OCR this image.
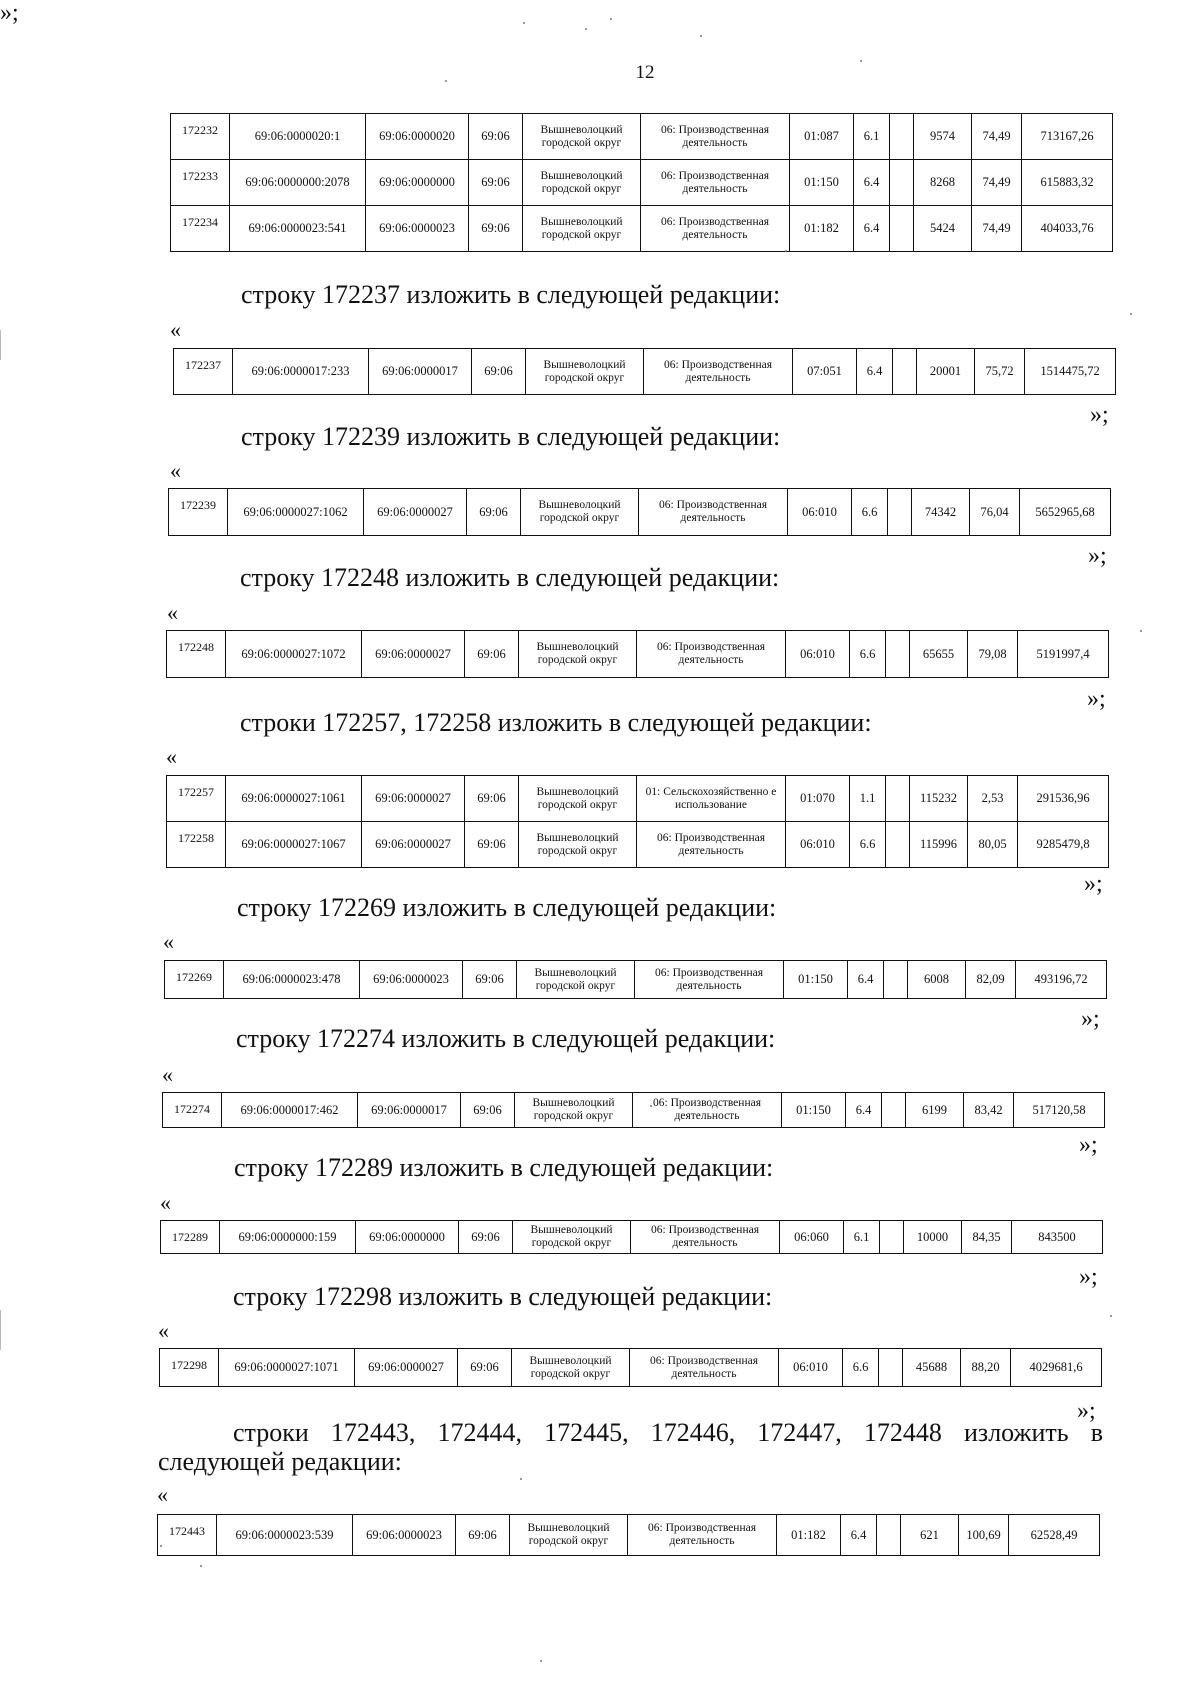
12
172232	69:06:0000020:1	69:06:0000020	69:06	Вышневолоцкий городской округ	06: Производственная деятельность	01:087	6.1		9574	74,49	713167,26
172233	69:06:0000000:2078	69:06:0000000	69:06	Вышневолоцкий городской округ	06: Производственная деятельность	01:150	6.4		8268	74,49	615883,32
172234	69:06:0000023:541	69:06:0000023	69:06	Вышневолоцкий городской округ	06: Производственная деятельность	01:182	6.4		5424	74,49	404033,76
»;
строку 172237 изложить в следующей редакции:
«
172237	69:06:0000017:233	69:06:0000017	69:06	Вышневолоцкий городской округ	06: Производственная деятельность	07:051	6.4		20001	75,72	1514475,72
»;
строку 172239 изложить в следующей редакции:
«
172239	69:06:0000027:1062	69:06:0000027	69:06	Вышневолоцкий городской округ	06: Производственная деятельность	06:010	6.6		74342	76,04	5652965,68
»;
строку 172248 изложить в следующей редакции:
«
172248	69:06:0000027:1072	69:06:0000027	69:06	Вышневолоцкий городской округ	06: Производственная деятельность	06:010	6.6		65655	79,08	5191997,4
»;
строки 172257, 172258 изложить в следующей редакции:
«
172257	69:06:0000027:1061	69:06:0000027	69:06	Вышневолоцкий городской округ	01: Сельскохозяйственно е использование	01:070	1.1		115232	2,53	291536,96
172258	69:06:0000027:1067	69:06:0000027	69:06	Вышневолоцкий городской округ	06: Производственная деятельность	06:010	6.6		115996	80,05	9285479,8
»;
строку 172269 изложить в следующей редакции:
«
172269	69:06:0000023:478	69:06:0000023	69:06	Вышневолоцкий городской округ	06: Производственная деятельность	01:150	6.4		6008	82,09	493196,72
»;
строку 172274 изложить в следующей редакции:
«
172274	69:06:0000017:462	69:06:0000017	69:06	Вышневолоцкий городской округ	06: Производственная деятельность	01:150	6.4		6199	83,42	517120,58
»;
строку 172289 изложить в следующей редакции:
«
172289	69:06:0000000:159	69:06:0000000	69:06	Вышневолоцкий городской округ	06: Производственная деятельность	06:060	6.1		10000	84,35	843500
»;
строку 172298 изложить в следующей редакции:
«
172298	69:06:0000027:1071	69:06:0000027	69:06	Вышневолоцкий городской округ	06: Производственная деятельность	06:010	6.6		45688	88,20	4029681,6
»;
строки 172443, 172444, 172445, 172446, 172447, 172448 изложить в
следующей редакции:
«
172443	69:06:0000023:539	69:06:0000023	69:06	Вышневолоцкий городской округ	06: Производственная деятельность	01:182	6.4		621	100,69	62528,49
